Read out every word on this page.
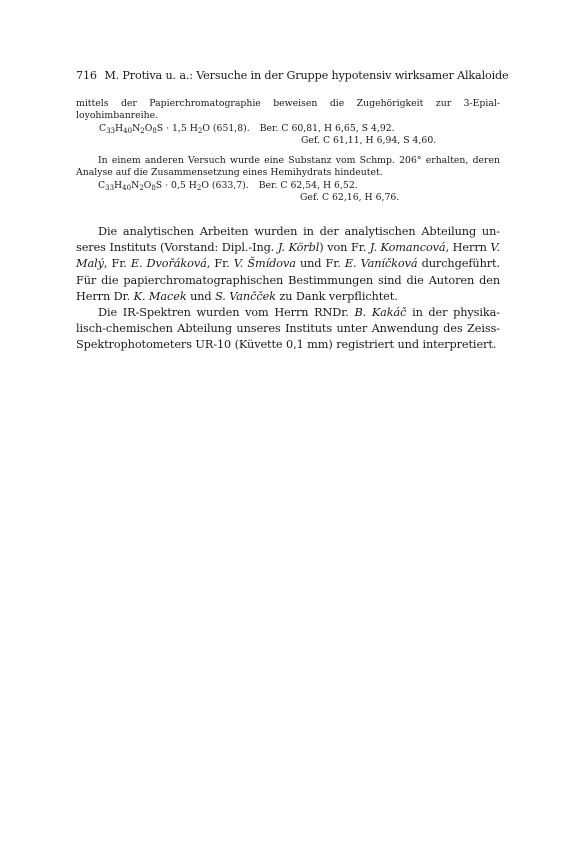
716 M. Protiva u. a.: Versuche in der Gruppe hypotensiv wirksamer Alkaloide
mittels der Papierchromatographie beweisen die Zugehörigkeit zur 3-Epial-loyohimbanreihe.
$C_{33}H_{40}N_2O_8S \cdot 1,5$ $H_2O$ (651,8). Ber. C 60,81, H 6,65, S 4,92.
Gef. C 61,11, H 6,94, S 4,60.
In einem anderen Versuch wurde eine Substanz vom Schmp. 206° erhalten, deren Analyse auf die Zusammensetzung eines Hemihydrats hindeutet.
$C_{33}H_{40}N_2O_8S \cdot 0,5$ $H_2O$ (633,7). Ber. C 62,54, H 6,52.
Gef. C 62,16, H 6,76.

Die analytischen Arbeiten wurden in der analytischen Abteilung un-seres Instituts (Vorstand: Dipl.-Ing. J. Körbl) von Fr. J. Komancová, Herrn V. Malý, Fr. E. Dvořáková, Fr. V. Šmídova und Fr. E. Vaníčková durchgeführt. Für die papierchromatographischen Bestimmungen sind die Autoren den Herrn Dr. K. Macek und S. Vančček zu Dank verpflichtet.

Die IR-Spektren wurden vom Herrn RNDr. B. Kakáč in der physika-lisch-chemischen Abteilung unseres Instituts unter Anwendung des Zeiss-Spektrophotometers UR-10 (Küvette 0,1 mm) registriert und interpretiert.
